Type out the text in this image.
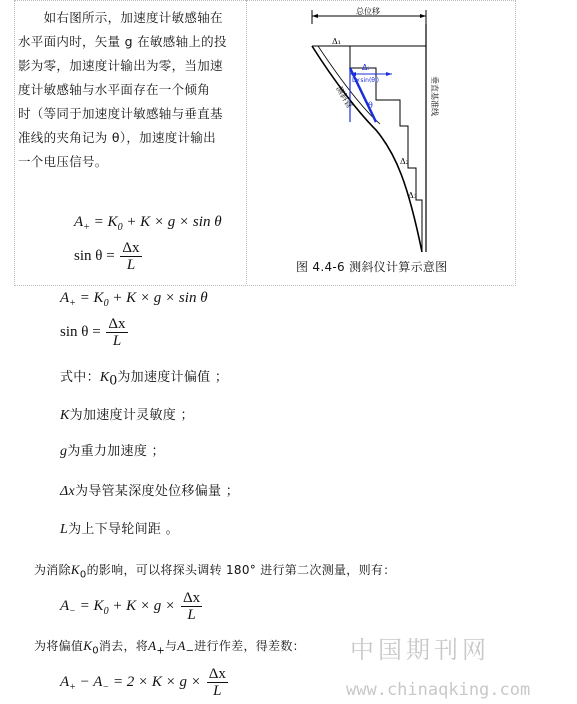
　　如右图所示，加速度计敏感轴在
水平面内时，矢量 g 在敏感轴上的投
影为零，加速度计输出为零，当加速
度计敏感轴与水平面存在一个倾角
时（等同于加速度计敏感轴与垂直基
准线的夹角记为 θ），加速度计输出
一个电压信号。
$A_+ = K_0 + K \times g \times \sin \theta$
$\sin \theta = \frac{\Delta x}{L}$
总位移
Δᵢ
L×sin(θi)
θ
Δ₁
Δ₂
Δ₃
测斜管	垂直基准线
图 4.4-6 测斜仪计算示意图
$A_+ = K_0 + K \times g \times \sin \theta$
$\sin \theta = \frac{\Delta x}{L}$
式中：$K_0$为加速度计偏值 ；
K为加速度计灵敏度 ；
g为重力加速度 ；
Δx为导管某深度处位移偏量 ；
L为上下导轮间距 。
为消除$K_0$的影响，可以将探头调转 180° 进行第二次测量，则有：
$A_- = K_0 + K \times g \times \frac{\Delta x}{L}$
为将偏值$K_0$消去，将$A_+$与$A_-$进行作差，得差数：
$A_+ - A_- = 2 \times K \times g \times \frac{\Delta x}{L}$
中国期刊网
www.chinaqking.com
